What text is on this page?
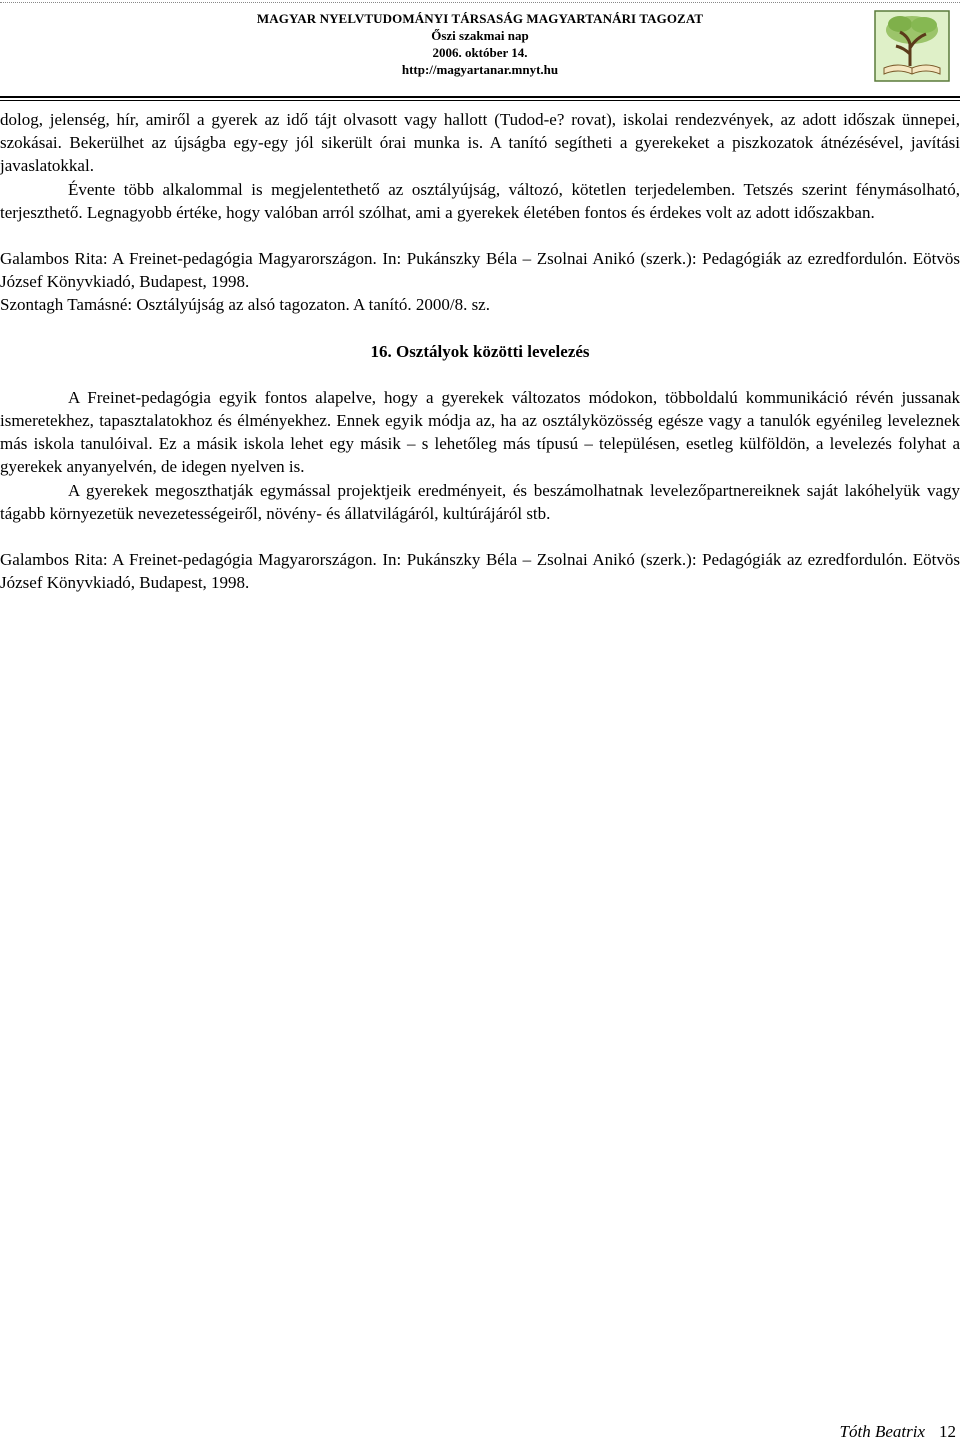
MAGYAR NYELVTUDOMÁNYI TÁRSASÁG MAGYARTANÁRI TAGOZAT
Őszi szakmai nap
2006. október 14.
http://magyartanar.mnyt.hu

dolog, jelenség, hír, amiről a gyerek az idő tájt olvasott vagy hallott (Tudod-e? rovat), iskolai rendezvények, az adott időszak ünnepei, szokásai. Bekerülhet az újságba egy-egy jól sikerült órai munka is. A tanító segítheti a gyerekeket a piszkozatok átnézésével, javítási javaslatokkal.

Évente több alkalommal is megjelentethető az osztályújság, változó, kötetlen terjedelemben. Tetszés szerint fénymásolható, terjeszthető. Legnagyobb értéke, hogy valóban arról szólhat, ami a gyerekek életében fontos és érdekes volt az adott időszakban.

Galambos Rita: A Freinet-pedagógia Magyarországon. In: Pukánszky Béla – Zsolnai Anikó (szerk.): Pedagógiák az ezredfordulón. Eötvös József Könyvkiadó, Budapest, 1998.

Szontagh Tamásné: Osztályújság az alsó tagozaton. A tanító. 2000/8. sz.

16. Osztályok közötti levelezés

A Freinet-pedagógia egyik fontos alapelve, hogy a gyerekek változatos módokon, többoldalú kommunikáció révén jussanak ismeretekhez, tapasztalatokhoz és élményekhez. Ennek egyik módja az, ha az osztályközösség egésze vagy a tanulók egyénileg leveleznek más iskola tanulóival. Ez a másik iskola lehet egy másik – s lehetőleg más típusú – településen, esetleg külföldön, a levelezés folyhat a gyerekek anyanyelvén, de idegen nyelven is.

A gyerekek megoszthatják egymással projektjeik eredményeit, és beszámolhatnak levelezőpartnereiknek saját lakóhelyük vagy tágabb környezetük nevezetességeiről, növény- és állatvilágáról, kultúrájáról stb.

Galambos Rita: A Freinet-pedagógia Magyarországon. In: Pukánszky Béla – Zsolnai Anikó (szerk.): Pedagógiák az ezredfordulón. Eötvös József Könyvkiadó, Budapest, 1998.

Tóth Beatrix 12
